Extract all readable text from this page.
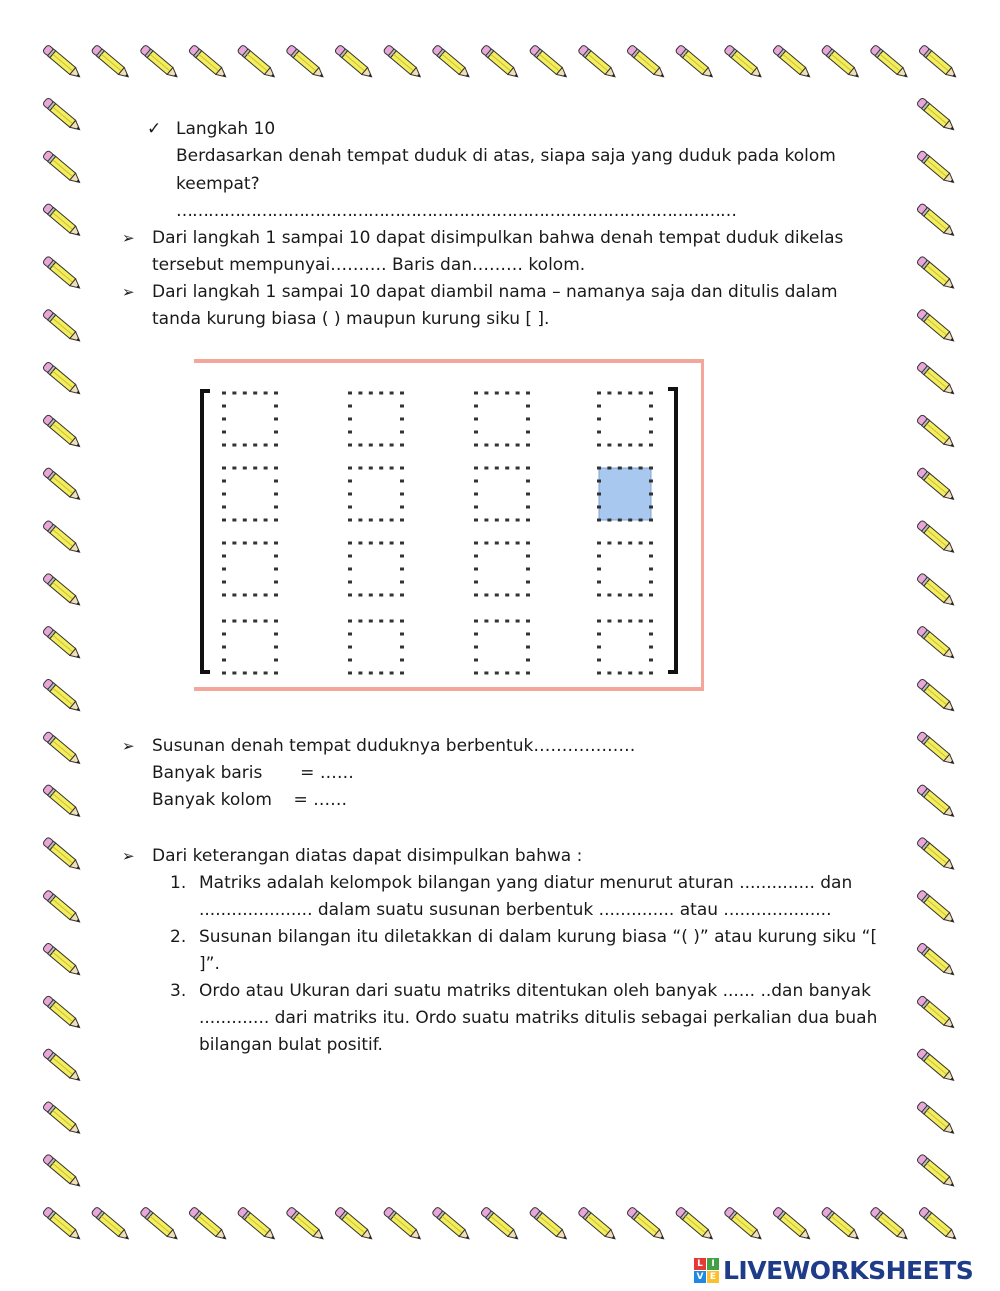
✓ Langkah 10
Berdasarkan denah tempat duduk di atas, siapa saja yang duduk pada kolom
keempat?
……………………………………………………………………………………………
➢ Dari langkah 1 sampai 10 dapat disimpulkan bahwa denah tempat duduk dikelas
tersebut mempunyai………. Baris dan……… kolom.
➢ Dari langkah 1 sampai 10 dapat diambil nama – namanya saja dan ditulis dalam
tanda kurung biasa ( ) maupun kurung siku [ ].
➢ Susunan denah tempat duduknya berbentuk………………
Banyak baris       = ……
Banyak kolom    = ……
➢ Dari keterangan diatas dapat disimpulkan bahwa :
1. Matriks adalah kelompok bilangan yang diatur menurut aturan .............. dan
..................... dalam suatu susunan berbentuk .............. atau ....................
2. Susunan bilangan itu diletakkan di dalam kurung biasa “( )” atau kurung siku “[
]”.
3. Ordo atau Ukuran dari suatu matriks ditentukan oleh banyak ...... ..dan banyak
............. dari matriks itu. Ordo suatu matriks ditulis sebagai perkalian dua buah
bilangan bulat positif.
L I
V E LIVEWORKSHEETS
